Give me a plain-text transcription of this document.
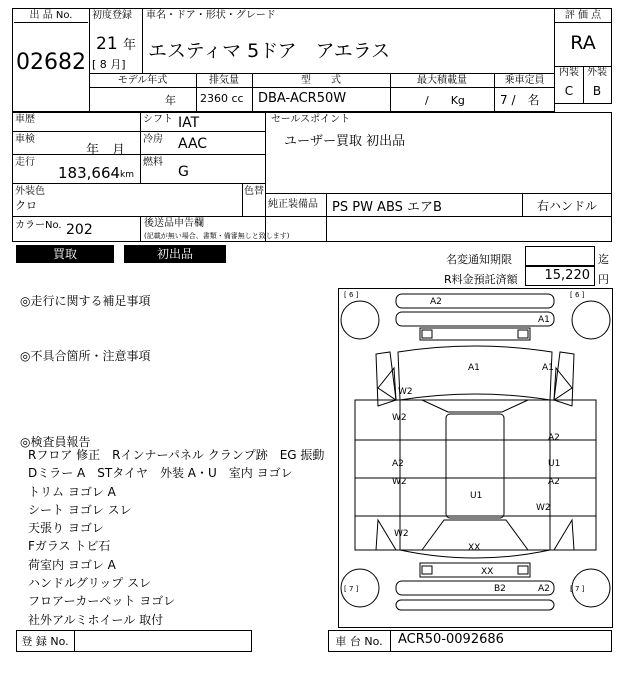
出 品 No.
02682
初度登録
21 年
[ 8 月]
車名・ドア・形状・グレード
エスティマ 5ドア　アエラス
評 価 点
RA
内装 外装
C	B
モデル年式	排気量	型　　式	最大積載量	乗車定員
年 2360 cc DBA-ACR50W	/　　Kg	7 /　名
車歴	シフト IAT
車検
年　月
冷房 AAC
走行
183,664 km
燃料
G
外装色
クロ
色替
カラーNo. 202
セールスポイント
ユーザー買取 初出品
純正装備品 PS PW ABS エアB	右ハンドル
後送品申告欄
(記載が無い場合、書類・備審無しと致します)
買取	初出品	名変通知期限	迄
R料金預託済額	15,220 円
◎走行に関する補足事項
◎不具合箇所・注意事項
◎検査員報告
Rフロア 修正　Rインナーパネル クランプ跡　EG 振動
Dミラー A　STタイヤ　外装 A・U　室内 ヨゴレ
トリム ヨゴレ A
シート ヨゴレ スレ
天張り ヨゴレ
Fガラス トビ石
荷室内 ヨゴレ A
ハンドルグリップ スレ
フロアーカーペット ヨゴレ
社外アルミホイール 取付
[ 6 ]	[ 6 ]
[ 7 ]	[ 7 ]
A2
A1
A1	A1
W2
W2
A2
A2	U1
W2	A2
W2
U1
W2
XX
XX
B2	A2
登 録 No.	車 台 No.	ACR50-0092686
